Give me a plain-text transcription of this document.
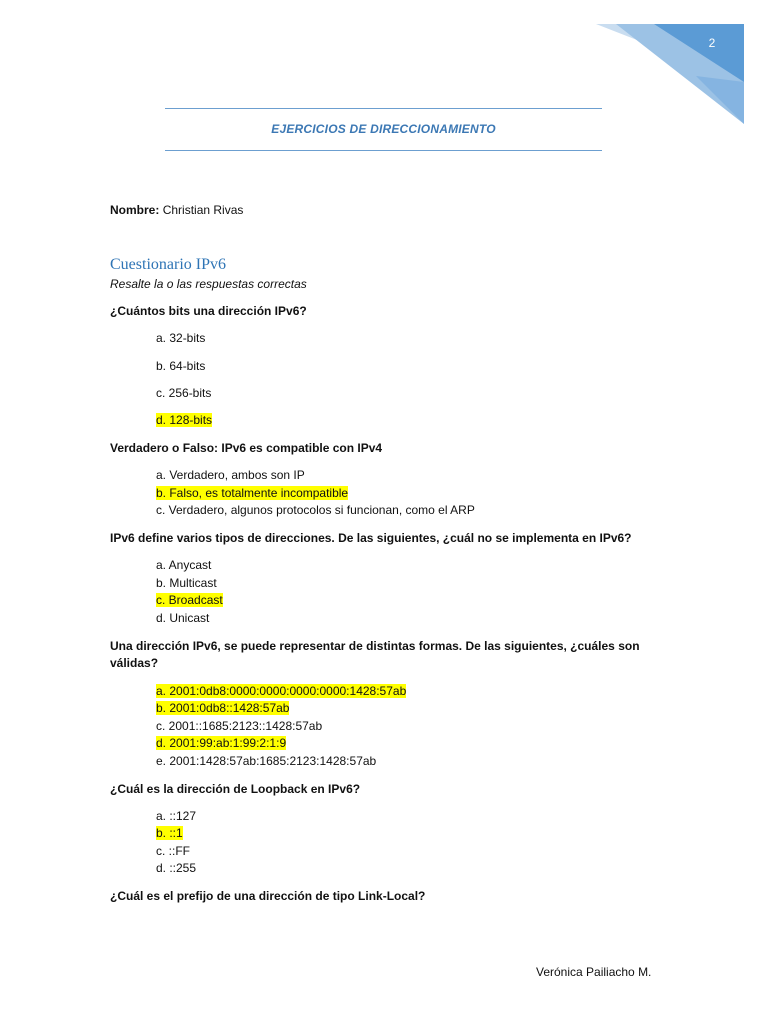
2
EJERCICIOS DE DIRECCIONAMIENTO
Nombre: Christian Rivas
Cuestionario IPv6
Resalte la o las respuestas correctas
¿Cuántos bits una dirección IPv6?
a. 32-bits
b. 64-bits
c. 256-bits
d. 128-bits
Verdadero o Falso: IPv6 es compatible con IPv4
a. Verdadero, ambos son IP
b. Falso, es totalmente incompatible
c. Verdadero, algunos protocolos si funcionan, como el ARP
IPv6 define varios tipos de direcciones. De las siguientes, ¿cuál no se implementa en IPv6?
a. Anycast
b. Multicast
c. Broadcast
d. Unicast
Una dirección IPv6, se puede representar de distintas formas. De las siguientes, ¿cuáles son
válidas?
a. 2001:0db8:0000:0000:0000:0000:1428:57ab
b. 2001:0db8::1428:57ab
c. 2001::1685:2123::1428:57ab
d. 2001:99:ab:1:99:2:1:9
e. 2001:1428:57ab:1685:2123:1428:57ab
¿Cuál es la dirección de Loopback en IPv6?
a. ::127
b. ::1
c. ::FF
d. ::255
¿Cuál es el prefijo de una dirección de tipo Link-Local?
Verónica Pailiacho M.
